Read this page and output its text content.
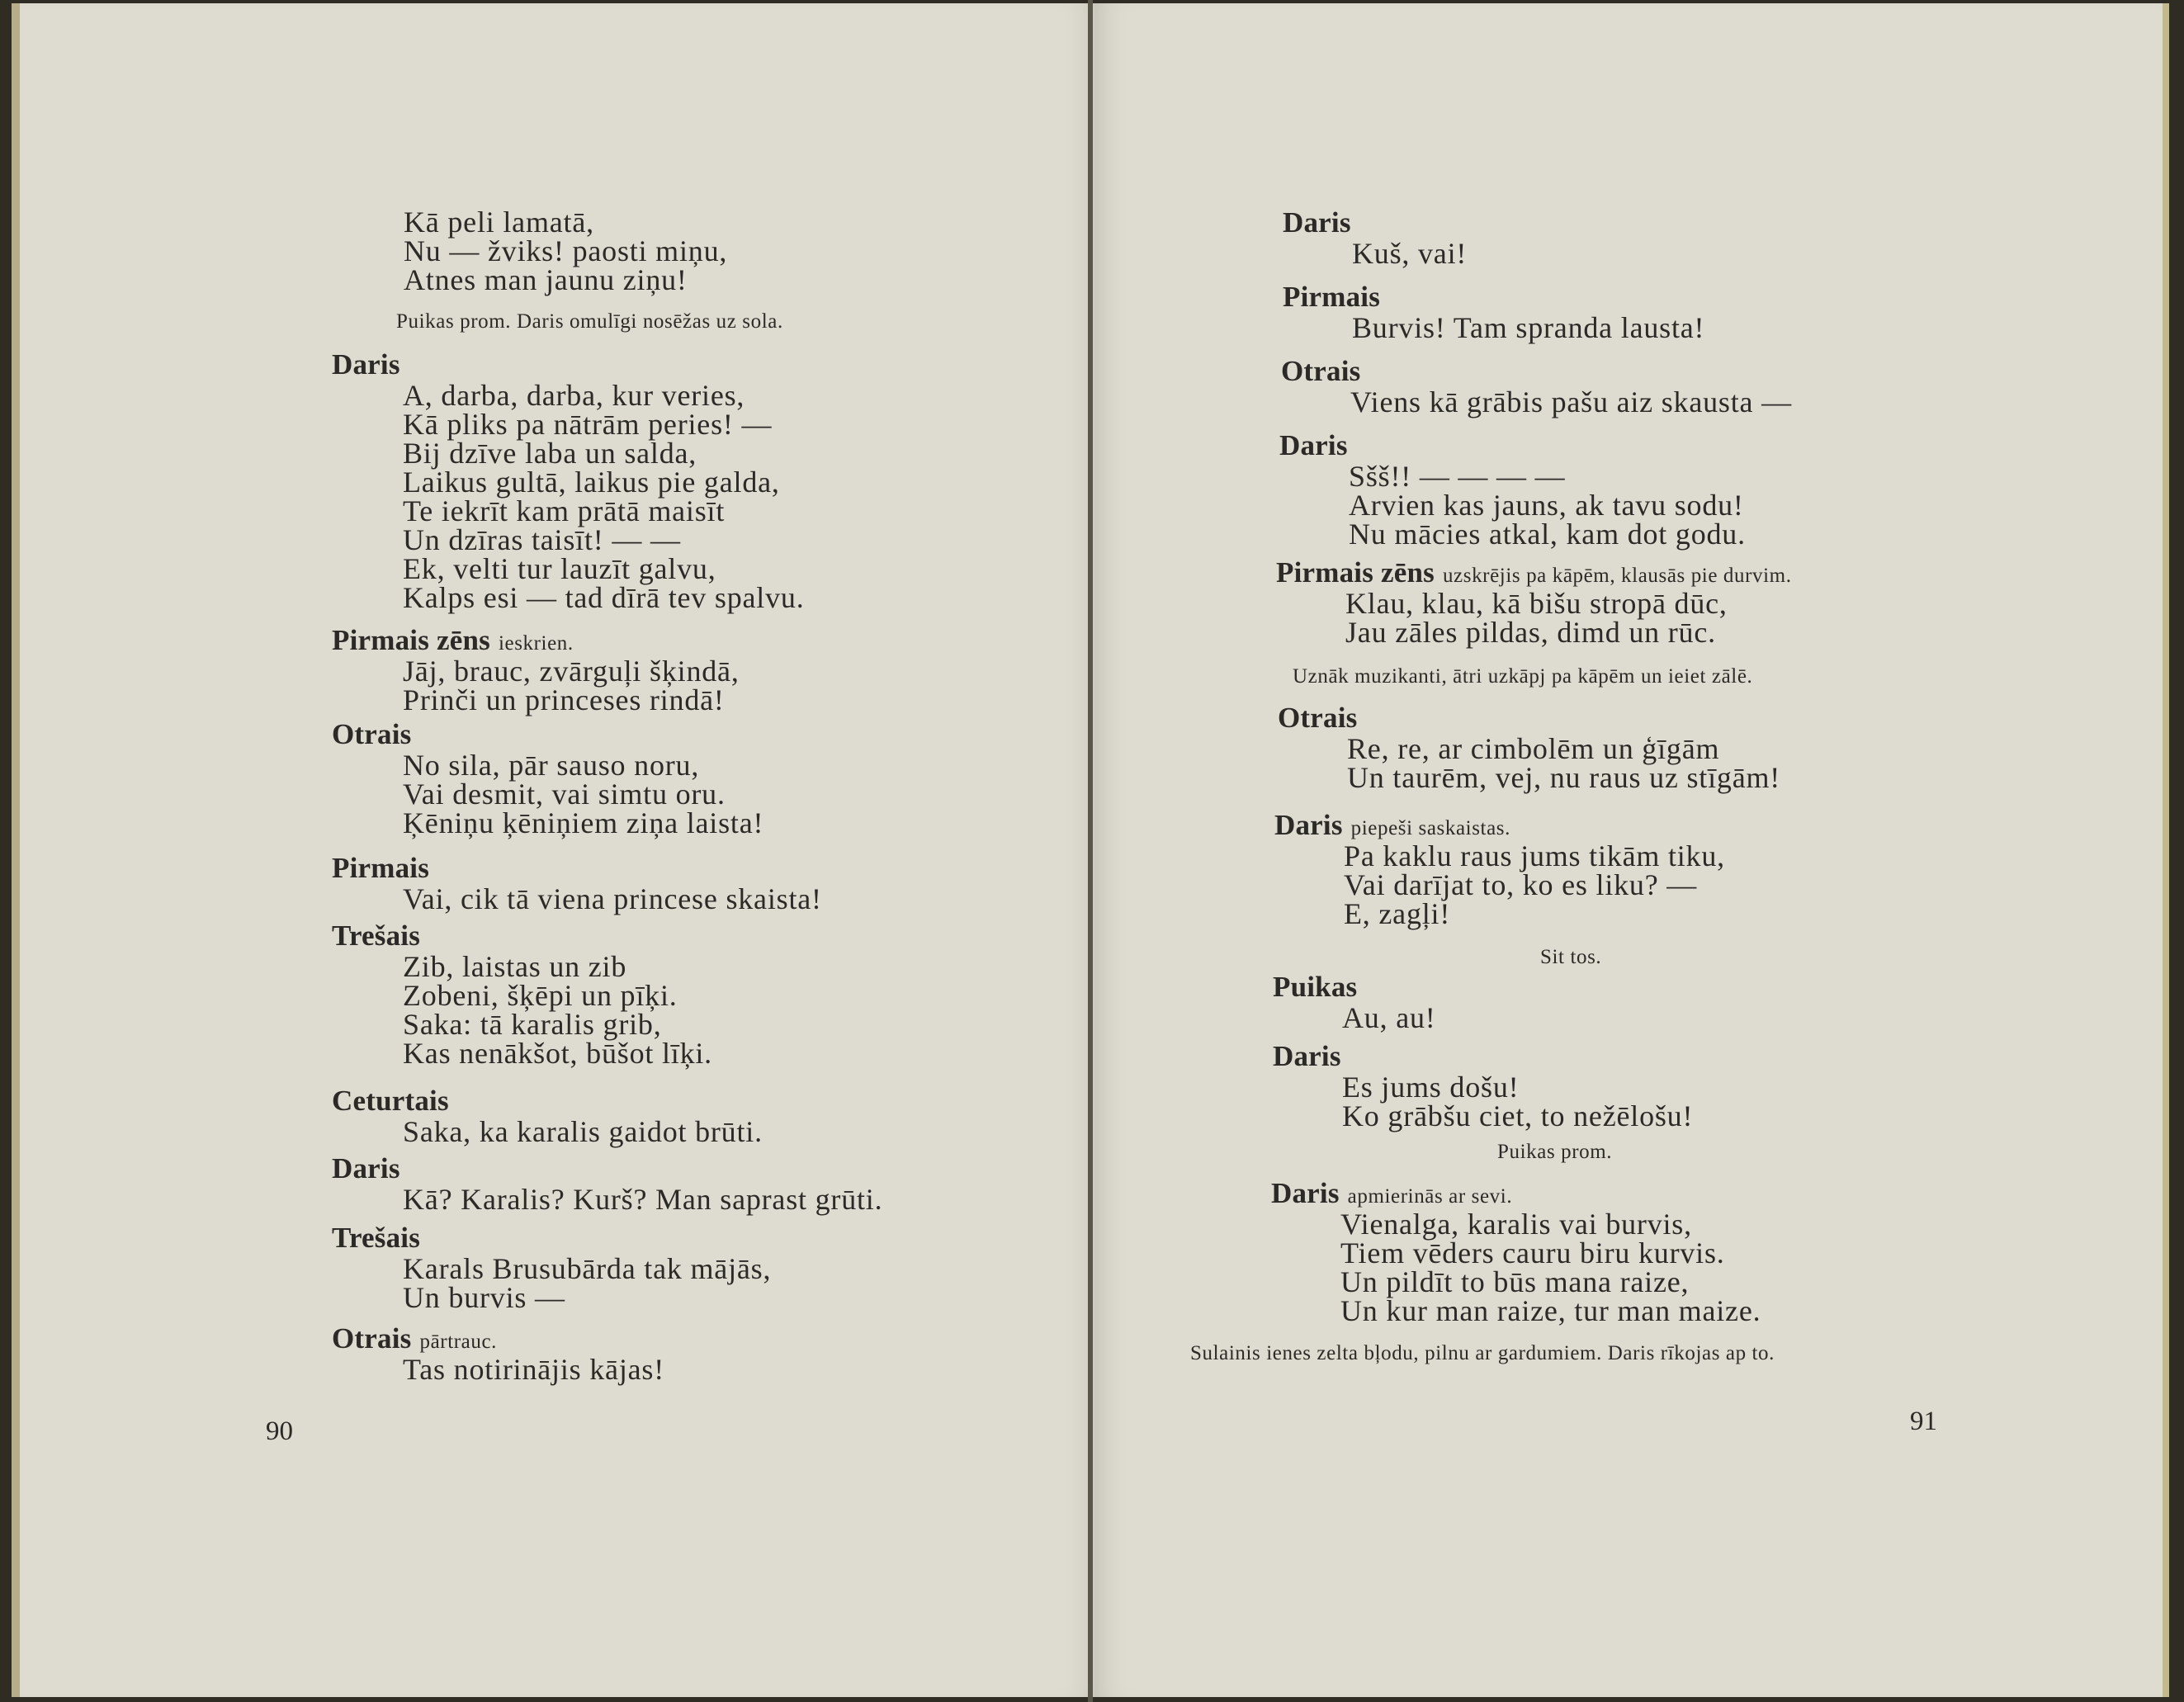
Kā peli lamatā,
Nu — žviks! paosti miņu,
Atnes man jaunu ziņu!
Puikas prom. Daris omulīgi nosēžas uz sola.
Daris
A, darba, darba, kur veries,
Kā pliks pa nātrām peries! —
Bij dzīve laba un salda,
Laikus gultā, laikus pie galda,
Te iekrīt kam prātā maisīt
Un dzīras taisīt! — —
Ek, velti tur lauzīt galvu,
Kalps esi — tad dīrā tev spalvu.
Pirmais zēns ieskrien.
Jāj, brauc, zvārguļi šķindā,
Prinči un princeses rindā!
Otrais
No sila, pār sauso noru,
Vai desmit, vai simtu oru.
Ķēniņu ķēniņiem ziņa laista!
Pirmais
Vai, cik tā viena princese skaista!
Trešais
Zib, laistas un zib
Zobeni, šķēpi un pīķi.
Saka: tā karalis grib,
Kas nenākšot, būšot līķi.
Ceturtais
Saka, ka karalis gaidot brūti.
Daris
Kā? Karalis? Kurš? Man saprast grūti.
Trešais
Karals Brusubārda tak mājās,
Un burvis —
Otrais pārtrauc.
Tas notirinājis kājas!
90
Daris
Kuš, vai!
Pirmais
Burvis! Tam spranda lausta!
Otrais
Viens kā grābis pašu aiz skausta —
Daris
Sšš!! — — — —
Arvien kas jauns, ak tavu sodu!
Nu mācies atkal, kam dot godu.
Pirmais zēns uzskrējis pa kāpēm, klausās pie durvim.
Klau, klau, kā bišu stropā dūc,
Jau zāles pildas, dimd un rūc.
Uznāk muzikanti, ātri uzkāpj pa kāpēm un ieiet zālē.
Otrais
Re, re, ar cimbolēm un ģīgām
Un taurēm, vej, nu raus uz stīgām!
Daris piepeši saskaistas.
Pa kaklu raus jums tikām tiku,
Vai darījat to, ko es liku? —
E, zagļi!
Sit tos.
Puikas
Au, au!
Daris
Es jums došu!
Ko grābšu ciet, to nežēlošu!
Puikas prom.
Daris apmierinās ar sevi.
Vienalga, karalis vai burvis,
Tiem vēders cauru biru kurvis.
Un pildīt to būs mana raize,
Un kur man raize, tur man maize.
Sulainis ienes zelta bļodu, pilnu ar gardumiem. Daris rīkojas ap to.
91
